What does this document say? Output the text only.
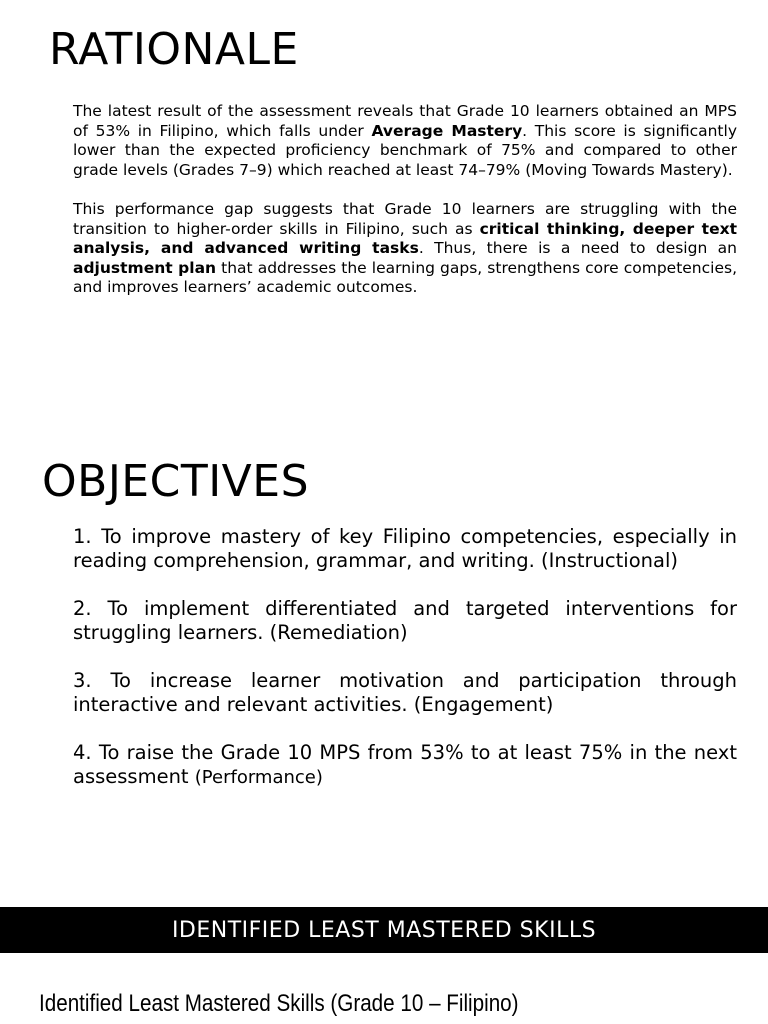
RATIONALE

The latest result of the assessment reveals that Grade 10 learners obtained an MPS of 53% in Filipino, which falls under Average Mastery. This score is significantly lower than the expected proficiency benchmark of 75% and compared to other grade levels (Grades 7–9) which reached at least 74–79% (Moving Towards Mastery).

This performance gap suggests that Grade 10 learners are struggling with the transition to higher-order skills in Filipino, such as critical thinking, deeper text analysis, and advanced writing tasks. Thus, there is a need to design an adjustment plan that addresses the learning gaps, strengthens core competencies, and improves learners’ academic outcomes.

OBJECTIVES

1. To improve mastery of key Filipino competencies, especially in reading comprehension, grammar, and writing. (Instructional)

2. To implement differentiated and targeted interventions for struggling learners. (Remediation)

3. To increase learner motivation and participation through interactive and relevant activities. (Engagement)

4. To raise the Grade 10 MPS from 53% to at least 75% in the next assessment (Performance)

IDENTIFIED LEAST MASTERED SKILLS
Identified Least Mastered Skills (Grade 10 – Filipino)
